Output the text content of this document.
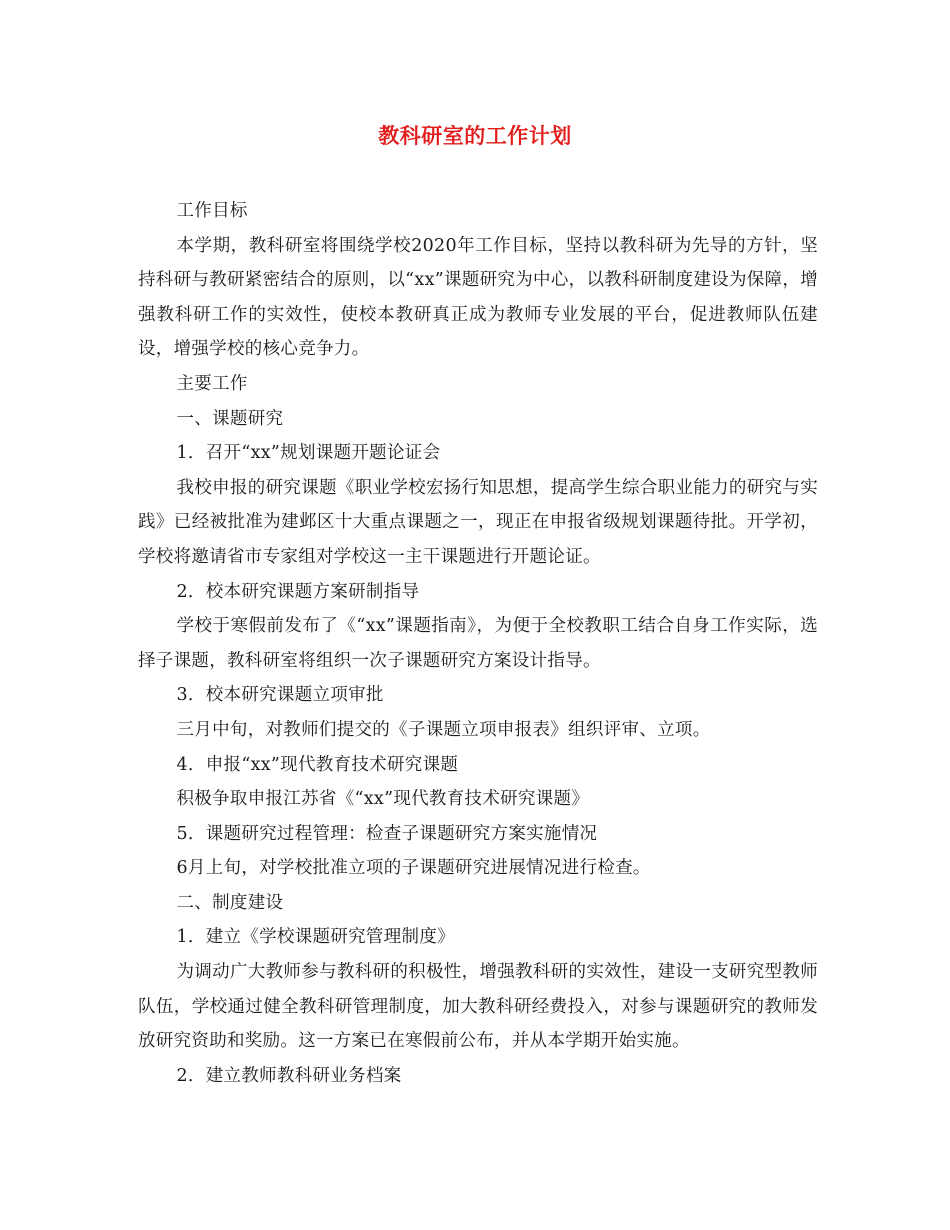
教科研室的工作计划

工作目标

本学期，教科研室将围绕学校2020年工作目标，坚持以教科研为先导的方针，坚持科研与教研紧密结合的原则，以“xx”课题研究为中心，以教科研制度建设为保障，增强教科研工作的实效性，使校本教研真正成为教师专业发展的平台，促进教师队伍建设，增强学校的核心竞争力。

主要工作

一、课题研究

1．召开“xx”规划课题开题论证会

我校申报的研究课题《职业学校宏扬行知思想，提高学生综合职业能力的研究与实践》已经被批准为建邺区十大重点课题之一，现正在申报省级规划课题待批。开学初，学校将邀请省市专家组对学校这一主干课题进行开题论证。

2．校本研究课题方案研制指导

学校于寒假前发布了《“xx”课题指南》，为便于全校教职工结合自身工作实际，选择子课题，教科研室将组织一次子课题研究方案设计指导。

3．校本研究课题立项审批

三月中旬，对教师们提交的《子课题立项申报表》组织评审、立项。

4．申报“xx”现代教育技术研究课题

积极争取申报江苏省《“xx”现代教育技术研究课题》

5．课题研究过程管理：检查子课题研究方案实施情况

6月上旬，对学校批准立项的子课题研究进展情况进行检查。

二、制度建设

1．建立《学校课题研究管理制度》

为调动广大教师参与教科研的积极性，增强教科研的实效性，建设一支研究型教师队伍，学校通过健全教科研管理制度，加大教科研经费投入，对参与课题研究的教师发放研究资助和奖励。这一方案已在寒假前公布，并从本学期开始实施。

2．建立教师教科研业务档案
